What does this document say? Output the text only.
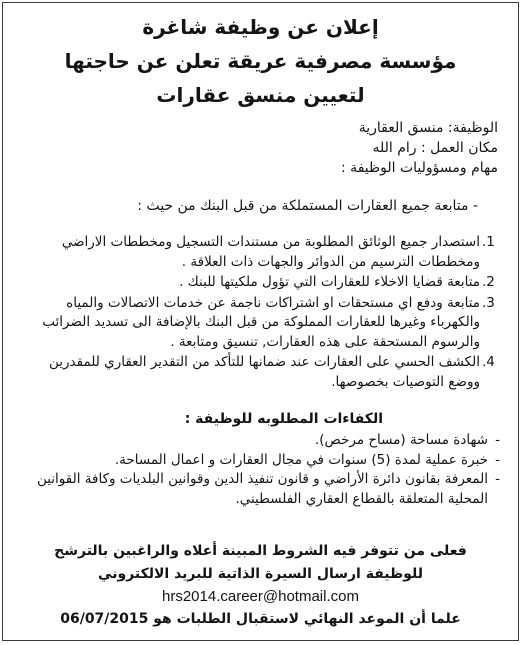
إعلان عن وظيفة شاغرة
مؤسسة مصرفية عريقة تعلن عن حاجتها
لتعيين منسق عقارات
الوظيفة: منسق العقارية
مكان العمل : رام الله
مهام ومسؤوليات الوظيفة :
- متابعة جميع العقارات المستملكة من قبل البنك من حيث :
1.
استصدار جميع الوثائق المطلوبة من مستندات التسجيل ومخططات الاراضي ومخططات الترسيم من الدوائر والجهات ذات العلاقة .
2.
متابعة قضايا الاخلاء للعقارات التي تؤول ملكيتها للبنك .
3.
متابعة ودفع اي مستحقات او اشتراكات ناجمة عن خدمات الاتصالات والمياه والكهرباء وغيرها للعقارات المملوكة من قبل البنك بالإضافة الى تسديد الضرائب والرسوم المستحقة على هذه العقارات, تنسيق ومتابعة .
4.
الكشف الحسي على العقارات عند ضمانها للتأكد من التقدير العقاري للمقدرين ووضع التوصيات بخصوصها.
الكفاءات المطلوبه للوظيفة :
-
شهادة مساحة (مساح مرخص).
-
خبرة عملية لمدة (5) سنوات في مجال العقارات و اعمال المساحة.
-
المعرفة بقانون دائرة الأراضي و قانون تنفيذ الدين وقوانين البلديات وكافة القوانين المحلية المتعلقة بالقطاع العقاري الفلسطيني.
فعلى من تتوفر فيه الشروط المبينة أعلاه والراغبين بالترشح
للوظيفة ارسال السيرة الذاتية للبريد الالكتروني
hrs2014.career@hotmail.com
علما أن الموعد النهائي لاستقبال الطلبات هو 06/07/2015
